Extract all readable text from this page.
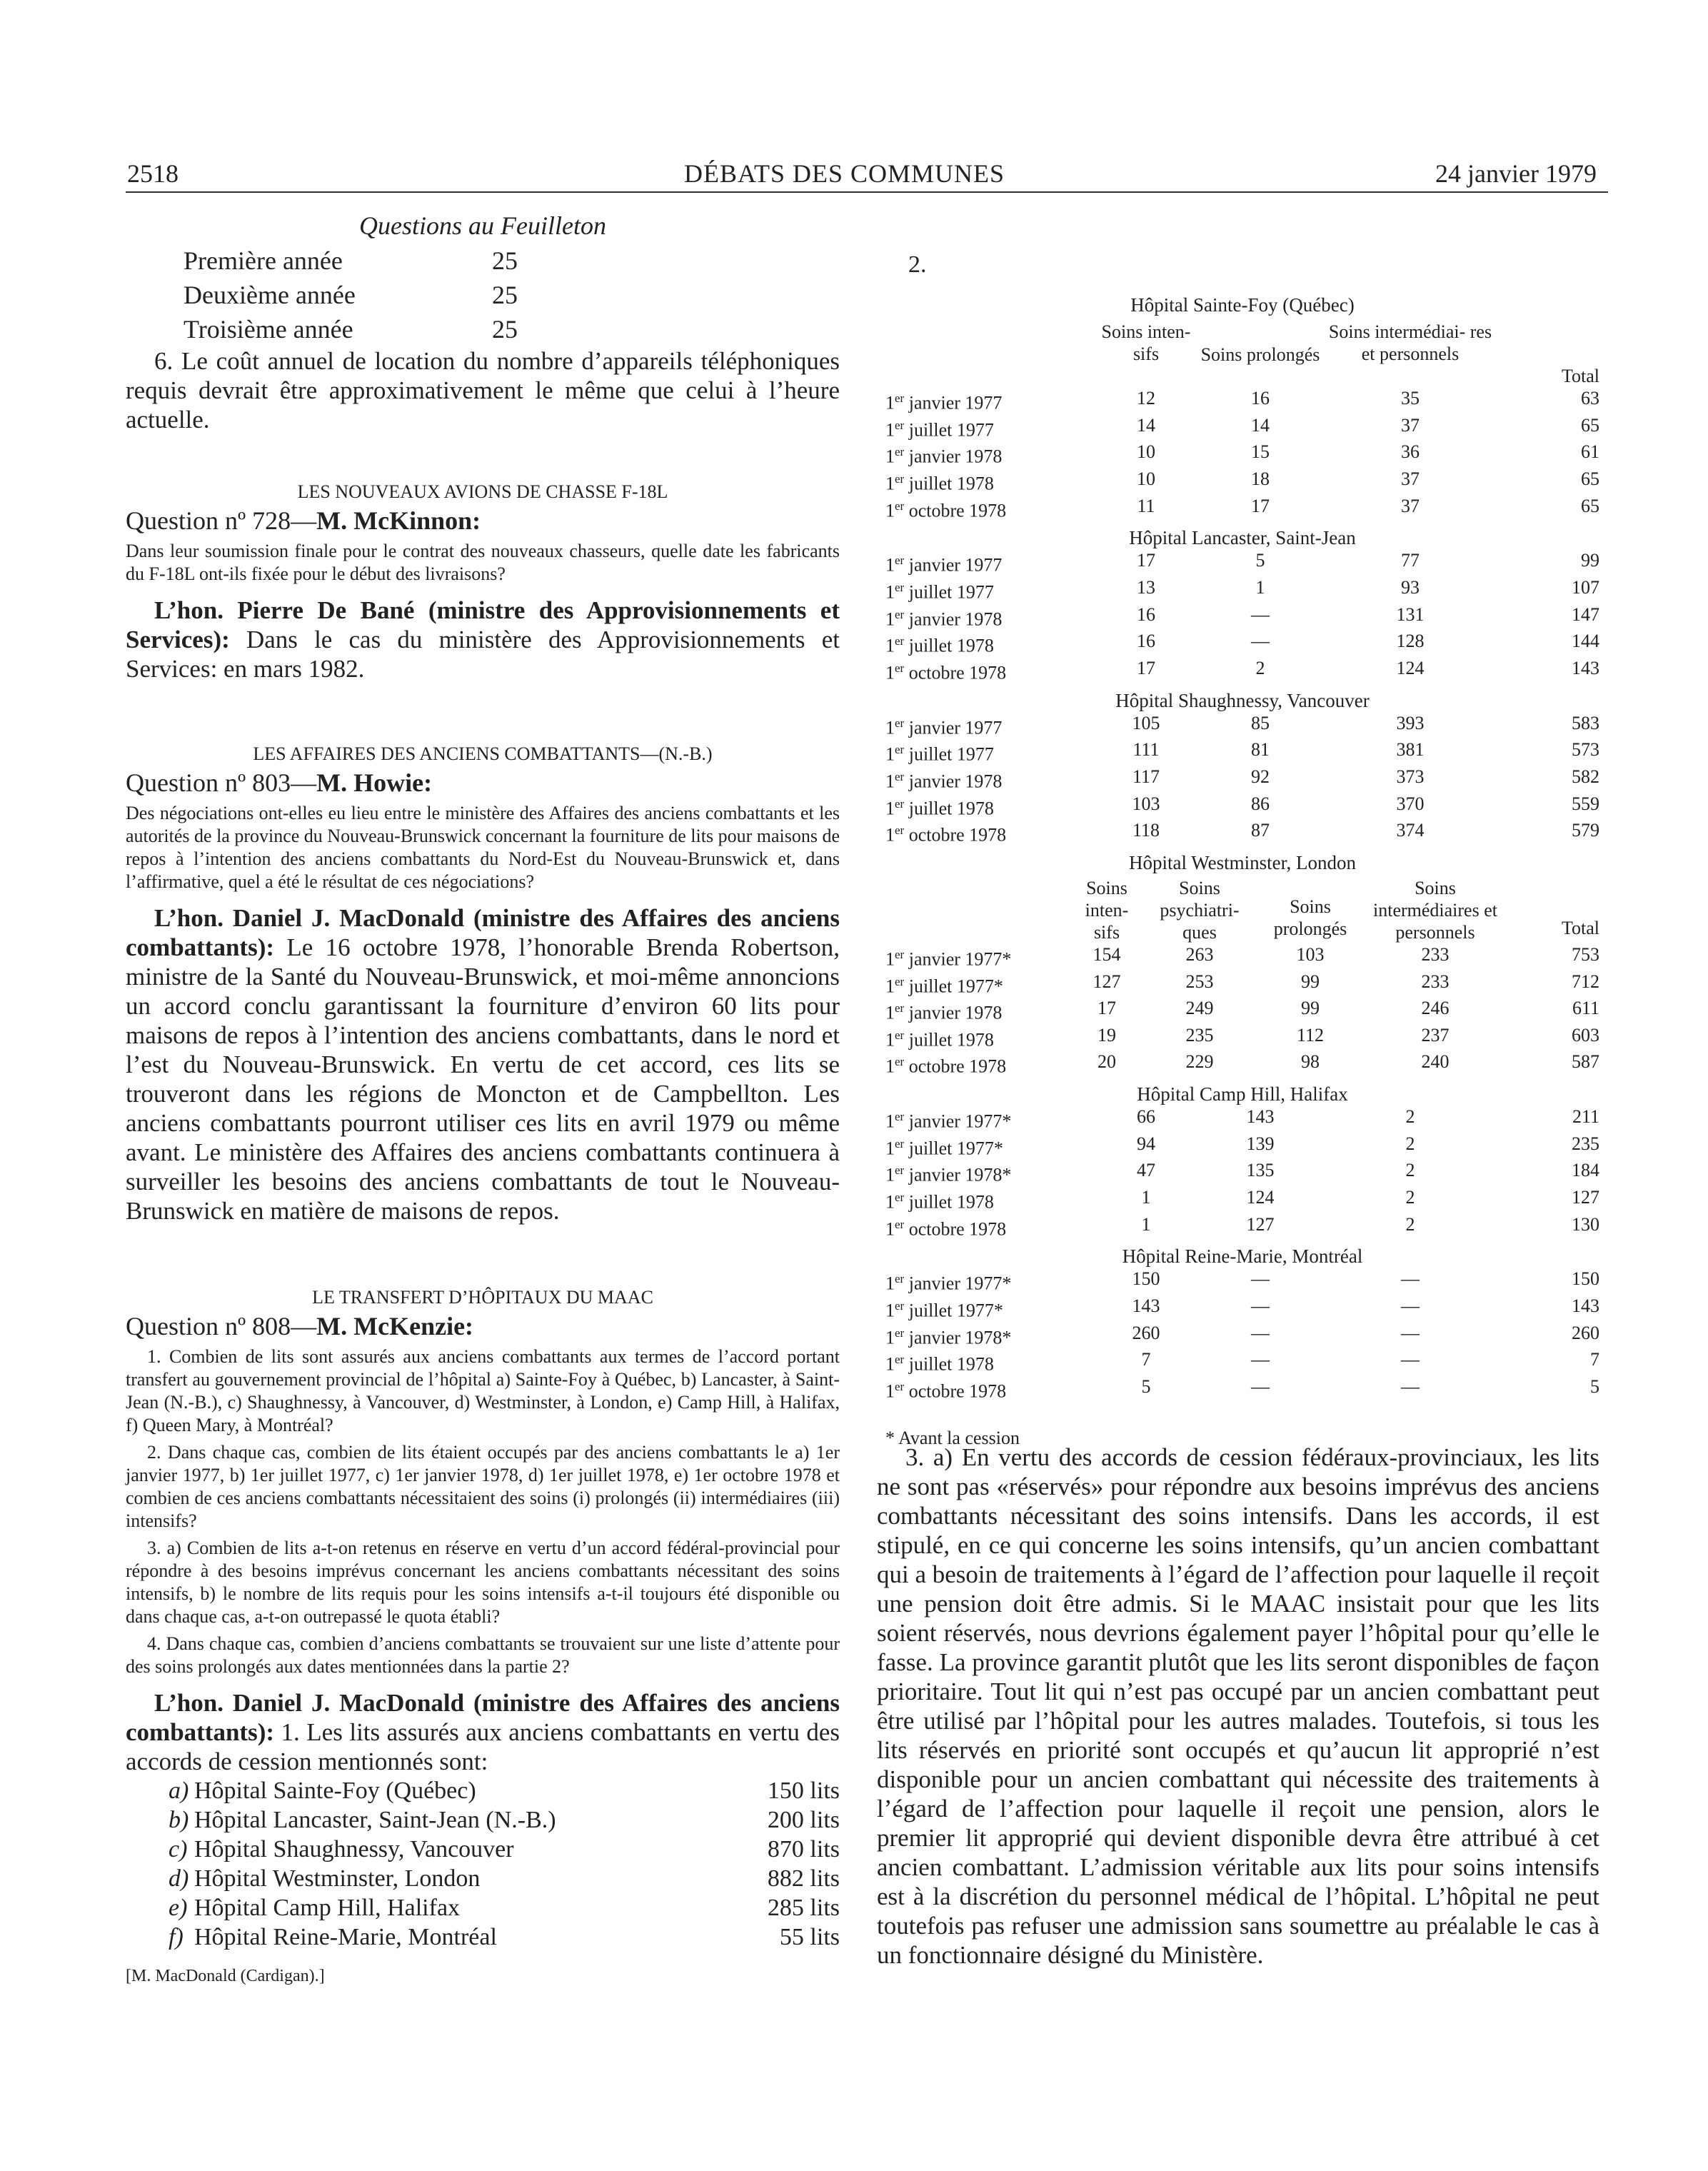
2518	DÉBATS DES COMMUNES	24 janvier 1979
Questions au Feuilleton
Première année	25
Deuxième année	25
Troisième année	25

6. Le coût annuel de location du nombre d’appareils téléphoniques requis devrait être approximativement le même que celui à l’heure actuelle.

LES NOUVEAUX AVIONS DE CHASSE F-18L

Question nº 728—M. McKinnon:

Dans leur soumission finale pour le contrat des nouveaux chasseurs, quelle date les fabricants du F-18L ont-ils fixée pour le début des livraisons?

L’hon. Pierre De Bané (ministre des Approvisionnements et Services): Dans le cas du ministère des Approvisionnements et Services: en mars 1982.

LES AFFAIRES DES ANCIENS COMBATTANTS—(N.-B.)

Question nº 803—M. Howie:

Des négociations ont-elles eu lieu entre le ministère des Affaires des anciens combattants et les autorités de la province du Nouveau-Brunswick concernant la fourniture de lits pour maisons de repos à l’intention des anciens combattants du Nord-Est du Nouveau-Brunswick et, dans l’affirmative, quel a été le résultat de ces négociations?

L’hon. Daniel J. MacDonald (ministre des Affaires des anciens combattants): Le 16 octobre 1978, l’honorable Brenda Robertson, ministre de la Santé du Nouveau-Brunswick, et moi-même annoncions un accord conclu garantissant la fourniture d’environ 60 lits pour maisons de repos à l’intention des anciens combattants, dans le nord et l’est du Nouveau-Brunswick. En vertu de cet accord, ces lits se trouveront dans les régions de Moncton et de Campbellton. Les anciens combattants pourront utiliser ces lits en avril 1979 ou même avant. Le ministère des Affaires des anciens combattants continuera à surveiller les besoins des anciens combattants de tout le Nouveau-Brunswick en matière de maisons de repos.

LE TRANSFERT D’HÔPITAUX DU MAAC

Question nº 808—M. McKenzie:

1. Combien de lits sont assurés aux anciens combattants aux termes de l’accord portant transfert au gouvernement provincial de l’hôpital a) Sainte-Foy à Québec, b) Lancaster, à Saint-Jean (N.-B.), c) Shaughnessy, à Vancouver, d) Westminster, à London, e) Camp Hill, à Halifax, f) Queen Mary, à Montréal?

2. Dans chaque cas, combien de lits étaient occupés par des anciens combattants le a) 1er janvier 1977, b) 1er juillet 1977, c) 1er janvier 1978, d) 1er juillet 1978, e) 1er octobre 1978 et combien de ces anciens combattants nécessitaient des soins (i) prolongés (ii) intermédiaires (iii) intensifs?

3. a) Combien de lits a-t-on retenus en réserve en vertu d’un accord fédéral-provincial pour répondre à des besoins imprévus concernant les anciens combattants nécessitant des soins intensifs, b) le nombre de lits requis pour les soins intensifs a-t-il toujours été disponible ou dans chaque cas, a-t-on outrepassé le quota établi?

4. Dans chaque cas, combien d’anciens combattants se trouvaient sur une liste d’attente pour des soins prolongés aux dates mentionnées dans la partie 2?

L’hon. Daniel J. MacDonald (ministre des Affaires des anciens combattants): 1. Les lits assurés aux anciens combattants en vertu des accords de cession mentionnés sont:

a)	Hôpital Sainte-Foy (Québec)	150 lits
b)	Hôpital Lancaster, Saint-Jean (N.-B.)	200 lits
c)	Hôpital Shaughnessy, Vancouver	870 lits
d)	Hôpital Westminster, London	882 lits
e)	Hôpital Camp Hill, Halifax	285 lits
f)	Hôpital Reine-Marie, Montréal	55 lits

[M. MacDonald (Cardigan).]

2.
Hôpital Sainte-Foy (Québec)
	Soins inten- sifs	Soins prolongés	Soins intermédiai- res et personnels	Total
1er janvier 1977	12	16	35	63
1er juillet 1977	14	14	37	65
1er janvier 1978	10	15	36	61
1er juillet 1978	10	18	37	65
1er octobre 1978	11	17	37	65
Hôpital Lancaster, Saint-Jean
1er janvier 1977	17	5	77	99
1er juillet 1977	13	1	93	107
1er janvier 1978	16	—	131	147
1er juillet 1978	16	—	128	144
1er octobre 1978	17	2	124	143
Hôpital Shaughnessy, Vancouver
1er janvier 1977	105	85	393	583
1er juillet 1977	111	81	381	573
1er janvier 1978	117	92	373	582
1er juillet 1978	103	86	370	559
1er octobre 1978	118	87	374	579
Hôpital Westminster, London
	Soins inten- sifs	Soins psychiatri- ques	Soins prolongés	Soins intermédiaires et personnels	Total
1er janvier 1977*	154	263	103	233	753
1er juillet 1977*	127	253	99	233	712
1er janvier 1978	17	249	99	246	611
1er juillet 1978	19	235	112	237	603
1er octobre 1978	20	229	98	240	587
Hôpital Camp Hill, Halifax
1er janvier 1977*	66	143	2	211
1er juillet 1977*	94	139	2	235
1er janvier 1978*	47	135	2	184
1er juillet 1978	1	124	2	127
1er octobre 1978	1	127	2	130
Hôpital Reine-Marie, Montréal
1er janvier 1977*	150	—	—	150
1er juillet 1977*	143	—	—	143
1er janvier 1978*	260	—	—	260
1er juillet 1978	7	—	—	7
1er octobre 1978	5	—	—	5
* Avant la cession

3. a) En vertu des accords de cession fédéraux-provinciaux, les lits ne sont pas «réservés» pour répondre aux besoins imprévus des anciens combattants nécessitant des soins intensifs. Dans les accords, il est stipulé, en ce qui concerne les soins intensifs, qu’un ancien combattant qui a besoin de traitements à l’égard de l’affection pour laquelle il reçoit une pension doit être admis. Si le MAAC insistait pour que les lits soient réservés, nous devrions également payer l’hôpital pour qu’elle le fasse. La province garantit plutôt que les lits seront disponibles de façon prioritaire. Tout lit qui n’est pas occupé par un ancien combattant peut être utilisé par l’hôpital pour les autres malades. Toutefois, si tous les lits réservés en priorité sont occupés et qu’aucun lit approprié n’est disponible pour un ancien combattant qui nécessite des traitements à l’égard de l’affection pour laquelle il reçoit une pension, alors le premier lit approprié qui devient disponible devra être attribué à cet ancien combattant. L’admission véritable aux lits pour soins intensifs est à la discrétion du personnel médical de l’hôpital. L’hôpital ne peut toutefois pas refuser une admission sans soumettre au préalable le cas à un fonctionnaire désigné du Ministère.
